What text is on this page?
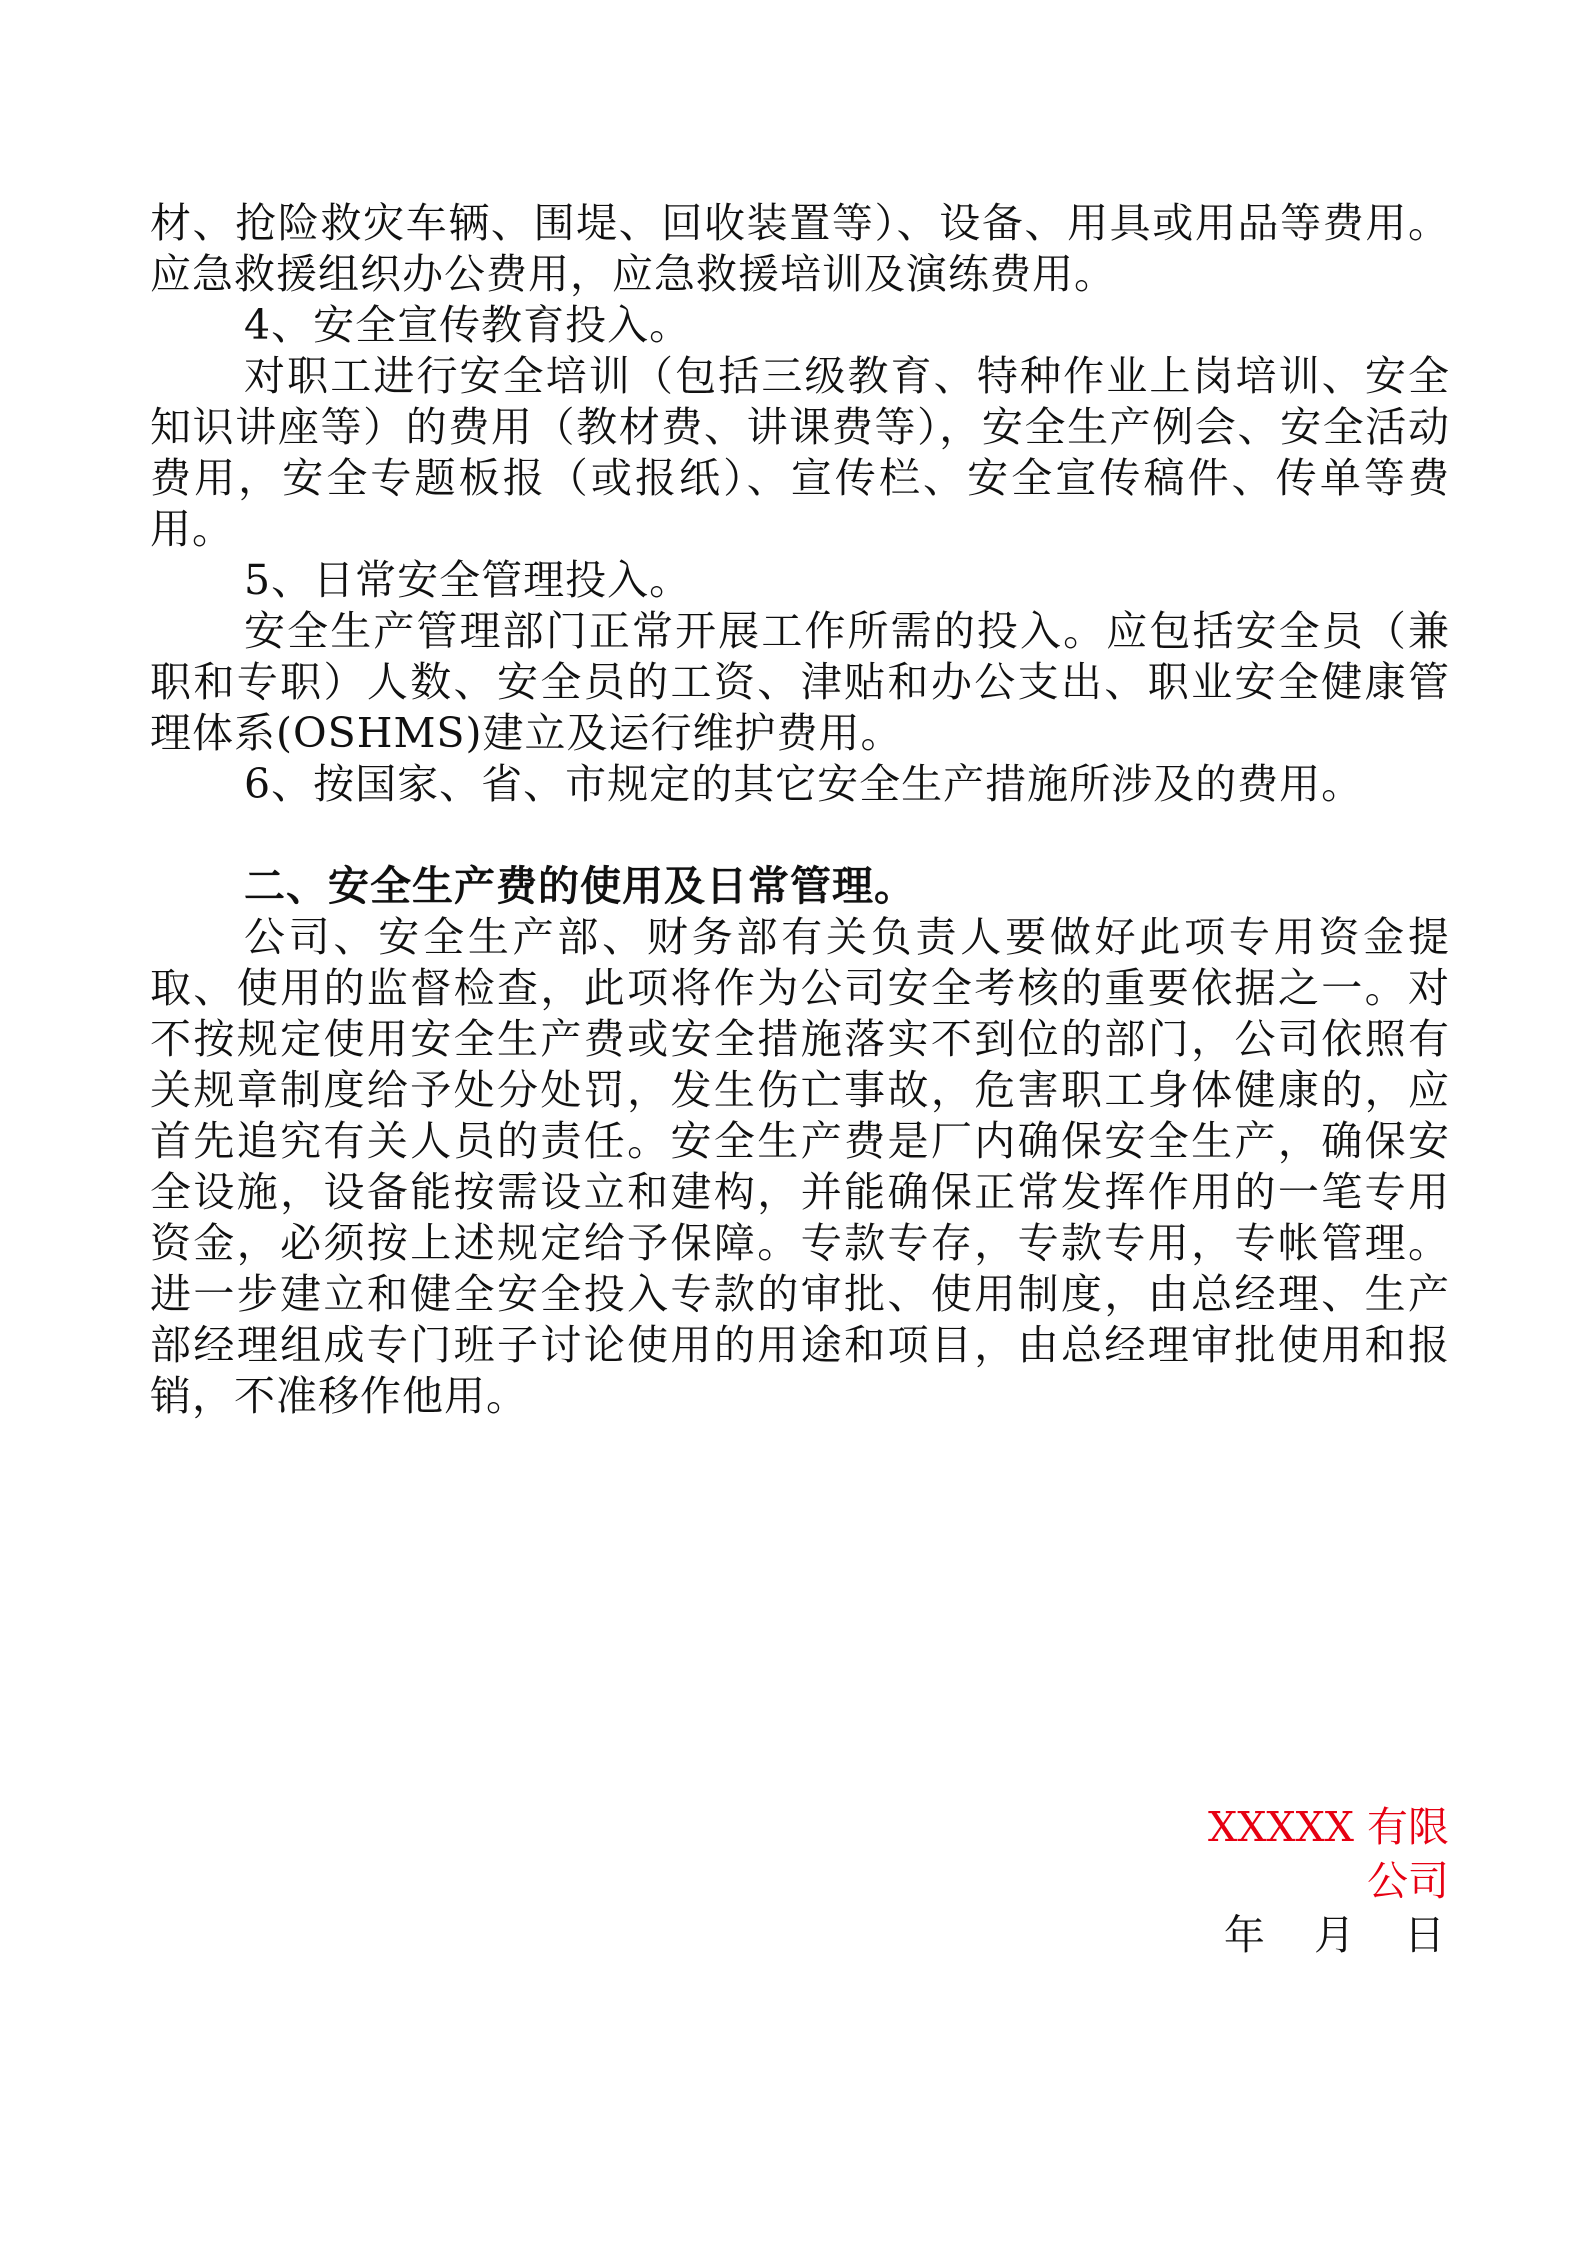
材、抢险救灾车辆、围堤、回收装置等）、设备、用具或用品等费用。 应急救援组织办公费用，应急救援培训及演练费用。

4、安全宣传教育投入。

对职工进行安全培训（包括三级教育、特种作业上岗培训、安全知识讲座等）的费用（教材费、讲课费等），安全生产例会、安全活动费用，安全专题板报（或报纸）、宣传栏、安全宣传稿件、传单等费用。

5、日常安全管理投入。

安全生产管理部门正常开展工作所需的投入。应包括安全员（兼职和专职）人数、安全员的工资、津贴和办公支出、职业安全健康管理体系(OSHMS)建立及运行维护费用。

6、按国家、省、市规定的其它安全生产措施所涉及的费用。

二、安全生产费的使用及日常管理。

公司、安全生产部、财务部有关负责人要做好此项专用资金提取、使用的监督检查，此项将作为公司安全考核的重要依据之一。对不按规定使用安全生产费或安全措施落实不到位的部门，公司依照有关规章制度给予处分处罚，发生伤亡事故，危害职工身体健康的，应首先追究有关人员的责任。安全生产费是厂内确保安全生产，确保安全设施，设备能按需设立和建构，并能确保正常发挥作用的一笔专用资金，必须按上述规定给予保障。专款专存，专款专用，专帐管理。进一步建立和健全安全投入专款的审批、使用制度，由总经理、生产部经理组成专门班子讨论使用的用途和项目，由总经理审批使用和报销，不准移作他用。

XXXXX 有限
公司
年 月 日
